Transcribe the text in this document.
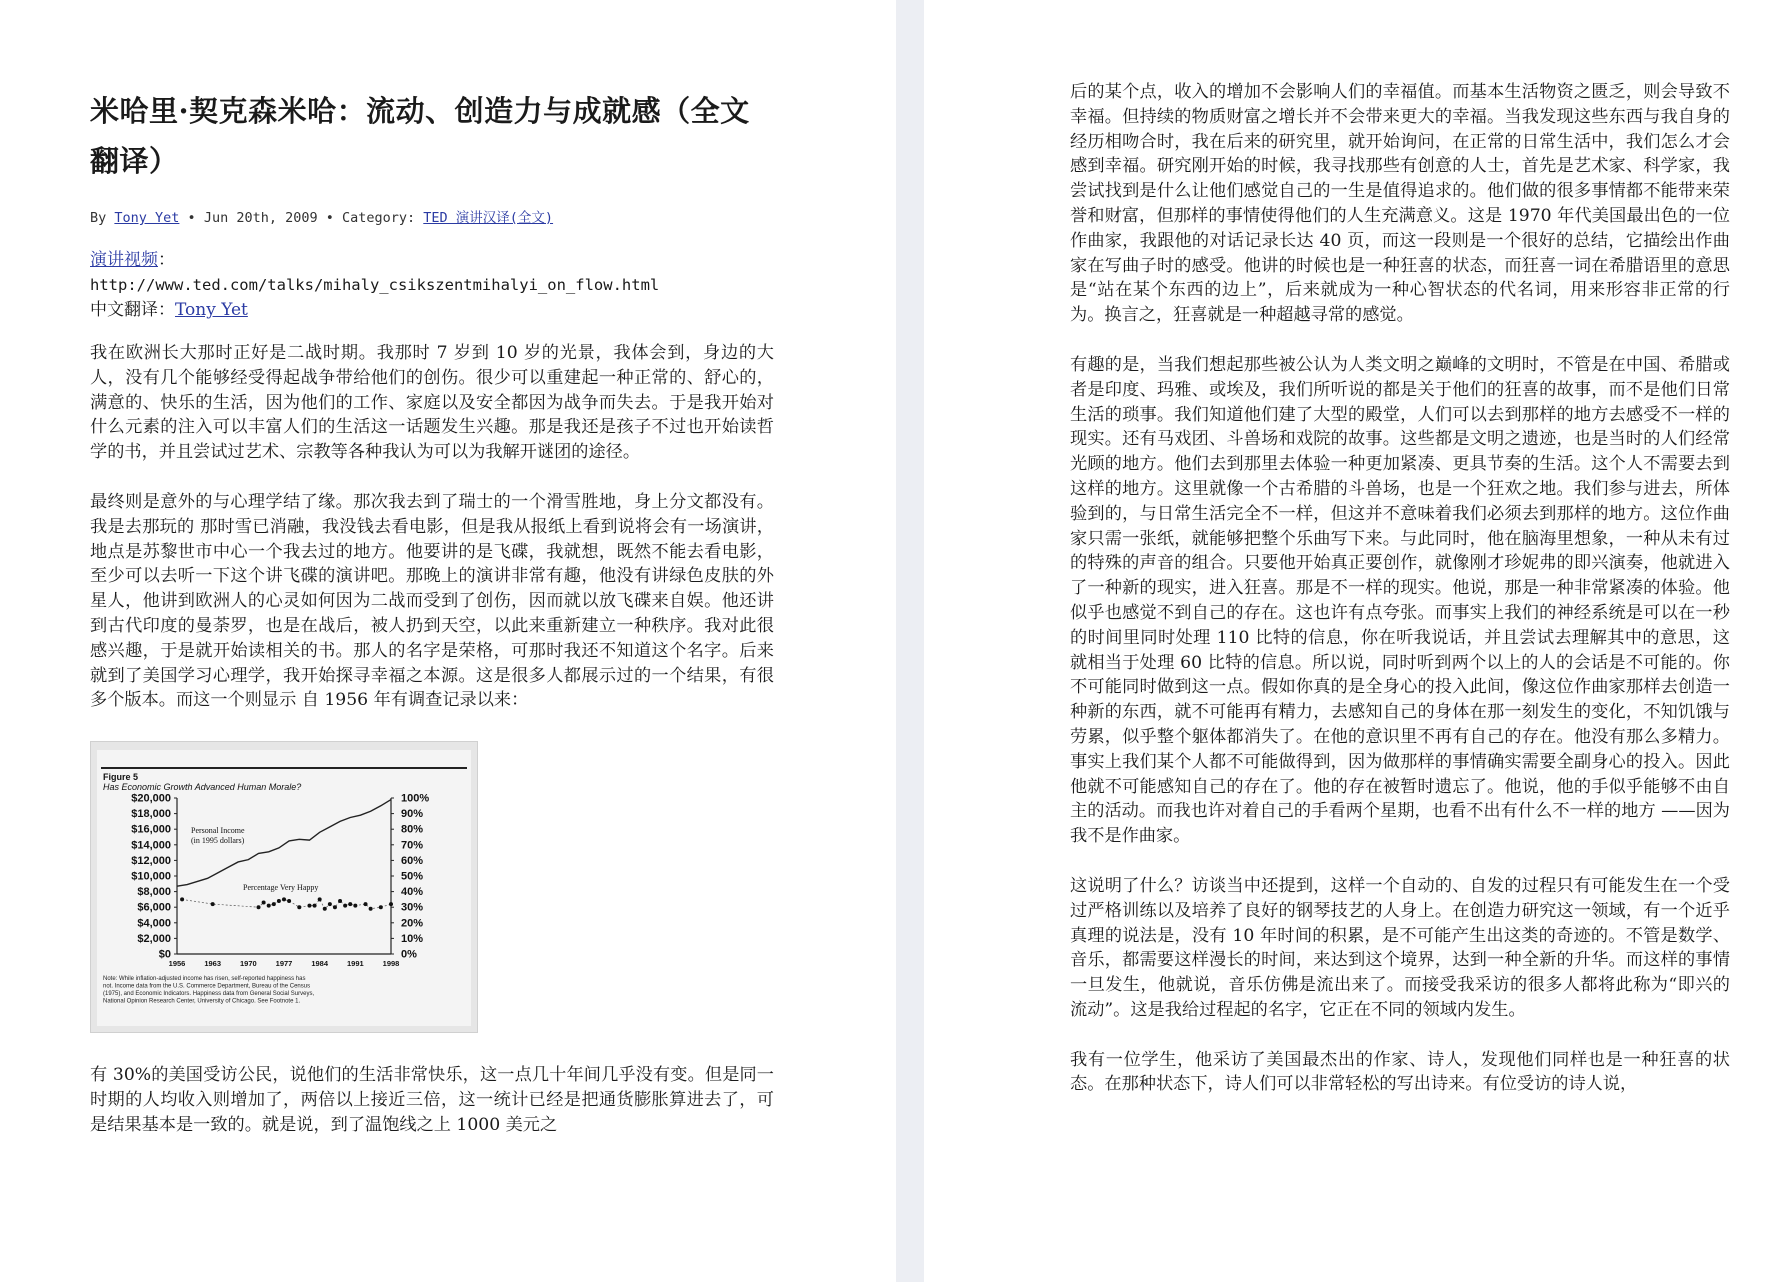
米哈里·契克森米哈：流动、创造力与成就感（全文翻译）
By Tony Yet • Jun 20th, 2009 • Category: TED 演讲汉译(全文)
演讲视频：
http://www.ted.com/talks/mihaly_csikszentmihalyi_on_flow.html
中文翻译：Tony Yet

我在欧洲长大那时正好是二战时期。我那时 7 岁到 10 岁的光景，我体会到，身边的大人，没有几个能够经受得起战争带给他们的创伤。很少可以重建起一种正常的、舒心的，满意的、快乐的生活，因为他们的工作、家庭以及安全都因为战争而失去。于是我开始对什么元素的注入可以丰富人们的生活这一话题发生兴趣。那是我还是孩子不过也开始读哲学的书，并且尝试过艺术、宗教等各种我认为可以为我解开谜团的途径。

最终则是意外的与心理学结了缘。那次我去到了瑞士的一个滑雪胜地，身上分文都没有。我是去那玩的 那时雪已消融，我没钱去看电影，但是我从报纸上看到说将会有一场演讲，地点是苏黎世市中心一个我去过的地方。他要讲的是飞碟，我就想，既然不能去看电影，至少可以去听一下这个讲飞碟的演讲吧。那晚上的演讲非常有趣，他没有讲绿色皮肤的外星人，他讲到欧洲人的心灵如何因为二战而受到了创伤，因而就以放飞碟来自娱。他还讲到古代印度的曼荼罗，也是在战后，被人扔到天空，以此来重新建立一种秩序。我对此很感兴趣，于是就开始读相关的书。那人的名字是荣格，可那时我还不知道这个名字。后来就到了美国学习心理学，我开始探寻幸福之本源。这是很多人都展示过的一个结果，有很多个版本。而这一个则显示 自 1956 年有调查记录以来：

Figure 5
Has Economic Growth Advanced Human Morale?
$20,000
$18,000
$16,000
$14,000
$12,000
$10,000
$8,000
$6,000
$4,000
$2,000
$0
100%
90%
80%
70%
60%
50%
40%
30%
20%
10%
0%
1956	1963	1970	1977	1984	1991	1998
Personal Income
(in 1995 dollars)
Percentage Very Happy
Note: While inflation-adjusted income has risen, self-reported happiness has not. Income data from the U.S. Commerce Department, Bureau of the Census (1975), and Economic Indicators. Happiness data from General Social Surveys, National Opinion Research Center, University of Chicago. See Footnote 1.

有 30%的美国受访公民，说他们的生活非常快乐，这一点几十年间几乎没有变。但是同一时期的人均收入则增加了，两倍以上接近三倍，这一统计已经是把通货膨胀算进去了，可是结果基本是一致的。就是说，到了温饱线之上 1000 美元之

后的某个点，收入的增加不会影响人们的幸福值。而基本生活物资之匮乏，则会导致不幸福。但持续的物质财富之增长并不会带来更大的幸福。当我发现这些东西与我自身的经历相吻合时，我在后来的研究里，就开始询问，在正常的日常生活中，我们怎么才会感到幸福。研究刚开始的时候，我寻找那些有创意的人士，首先是艺术家、科学家，我尝试找到是什么让他们感觉自己的一生是值得追求的。他们做的很多事情都不能带来荣誉和财富，但那样的事情使得他们的人生充满意义。这是 1970 年代美国最出色的一位作曲家，我跟他的对话记录长达 40 页，而这一段则是一个很好的总结，它描绘出作曲家在写曲子时的感受。他讲的时候也是一种狂喜的状态，而狂喜一词在希腊语里的意思是“站在某个东西的边上”，后来就成为一种心智状态的代名词，用来形容非正常的行为。换言之，狂喜就是一种超越寻常的感觉。

有趣的是，当我们想起那些被公认为人类文明之巅峰的文明时，不管是在中国、希腊或者是印度、玛雅、或埃及，我们所听说的都是关于他们的狂喜的故事，而不是他们日常生活的琐事。我们知道他们建了大型的殿堂，人们可以去到那样的地方去感受不一样的现实。还有马戏团、斗兽场和戏院的故事。这些都是文明之遗迹，也是当时的人们经常光顾的地方。他们去到那里去体验一种更加紧凑、更具节奏的生活。这个人不需要去到这样的地方。这里就像一个古希腊的斗兽场，也是一个狂欢之地。我们参与进去，所体验到的，与日常生活完全不一样，但这并不意味着我们必须去到那样的地方。这位作曲家只需一张纸，就能够把整个乐曲写下来。与此同时，他在脑海里想象，一种从未有过的特殊的声音的组合。只要他开始真正要创作，就像刚才珍妮弗的即兴演奏，他就进入了一种新的现实，进入狂喜。那是不一样的现实。他说，那是一种非常紧凑的体验。他似乎也感觉不到自己的存在。这也许有点夸张。而事实上我们的神经系统是可以在一秒的时间里同时处理 110 比特的信息，你在听我说话，并且尝试去理解其中的意思，这就相当于处理 60 比特的信息。所以说，同时听到两个以上的人的会话是不可能的。你不可能同时做到这一点。假如你真的是全身心的投入此间，像这位作曲家那样去创造一种新的东西，就不可能再有精力，去感知自己的身体在那一刻发生的变化，不知饥饿与劳累，似乎整个躯体都消失了。在他的意识里不再有自己的存在。他没有那么多精力。事实上我们某个人都不可能做得到，因为做那样的事情确实需要全副身心的投入。因此他就不可能感知自己的存在了。他的存在被暂时遗忘了。他说，他的手似乎能够不由自主的活动。而我也许对着自己的手看两个星期，也看不出有什么不一样的地方 ——因为我不是作曲家。

这说明了什么？访谈当中还提到，这样一个自动的、自发的过程只有可能发生在一个受过严格训练以及培养了良好的钢琴技艺的人身上。在创造力研究这一领域，有一个近乎真理的说法是，没有 10 年时间的积累，是不可能产生出这类的奇迹的。不管是数学、音乐，都需要这样漫长的时间，来达到这个境界，达到一种全新的升华。而这样的事情一旦发生，他就说，音乐仿佛是流出来了。而接受我采访的很多人都将此称为“即兴的流动”。这是我给过程起的名字，它正在不同的领域内发生。

我有一位学生，他采访了美国最杰出的作家、诗人，发现他们同样也是一种狂喜的状态。在那种状态下，诗人们可以非常轻松的写出诗来。有位受访的诗人说，
